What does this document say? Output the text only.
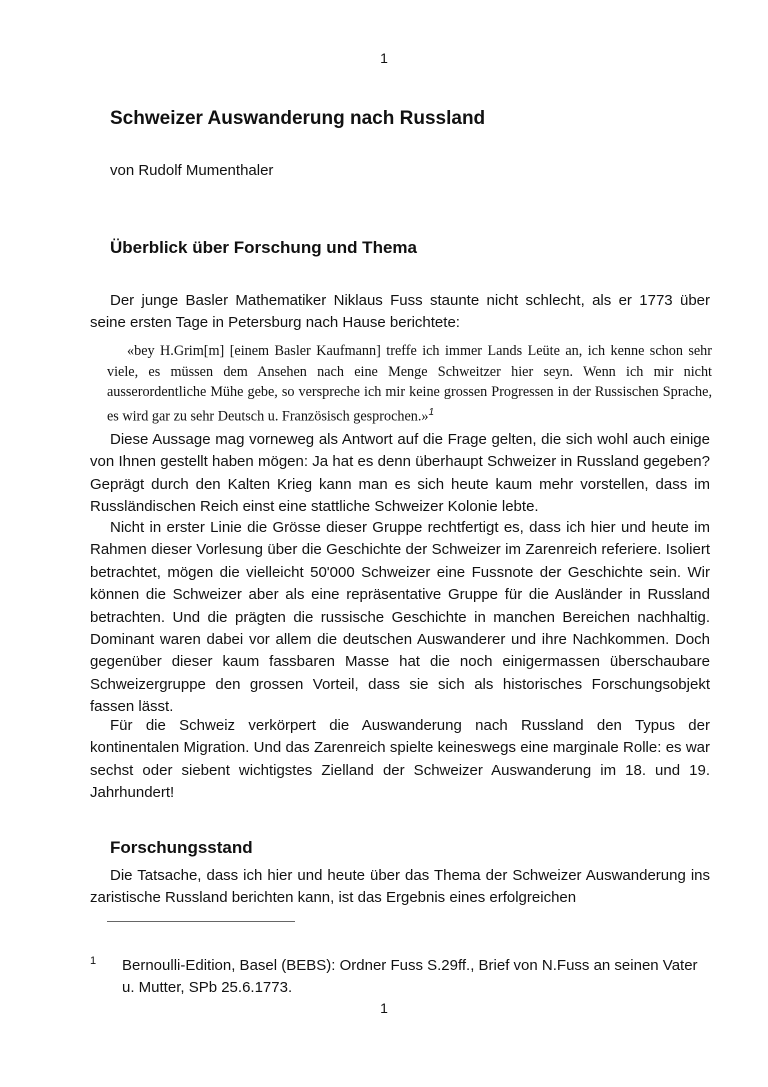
1
Schweizer Auswanderung nach Russland
von Rudolf Mumenthaler
Überblick über Forschung und Thema

Der junge Basler Mathematiker Niklaus Fuss staunte nicht schlecht, als er 1773 über seine ersten Tage in Petersburg nach Hause berichtete:

«bey H.Grim[m] [einem Basler Kaufmann] treffe ich immer Lands Leüte an, ich kenne schon sehr viele, es müssen dem Ansehen nach eine Menge Schweitzer hier seyn. Wenn ich mir nicht ausserordentliche Mühe gebe, so verspreche ich mir keine grossen Progressen in der Russischen Sprache, es wird gar zu sehr Deutsch u. Französisch gesprochen.»$^1$

Diese Aussage mag vorneweg als Antwort auf die Frage gelten, die sich wohl auch einige von Ihnen gestellt haben mögen: Ja hat es denn überhaupt Schweizer in Russland gegeben? Geprägt durch den Kalten Krieg kann man es sich heute kaum mehr vorstellen, dass im Russländischen Reich einst eine stattliche Schweizer Kolonie lebte.

Nicht in erster Linie die Grösse dieser Gruppe rechtfertigt es, dass ich hier und heute im Rahmen dieser Vorlesung über die Geschichte der Schweizer im Zarenreich referiere. Isoliert betrachtet, mögen die vielleicht 50'000 Schweizer eine Fussnote der Geschichte sein. Wir können die Schweizer aber als eine repräsentative Gruppe für die Ausländer in Russland betrachten. Und die prägten die russische Geschichte in manchen Bereichen nachhaltig. Dominant waren dabei vor allem die deutschen Auswanderer und ihre Nachkommen. Doch gegenüber dieser kaum fassbaren Masse hat die noch einigermassen überschaubare Schweizergruppe den grossen Vorteil, dass sie sich als historisches Forschungsobjekt fassen lässt.

Für die Schweiz verkörpert die Auswanderung nach Russland den Typus der kontinentalen Migration. Und das Zarenreich spielte keineswegs eine marginale Rolle: es war sechst oder siebent wichtigstes Zielland der Schweizer Auswanderung im 18. und 19. Jahrhundert!

Forschungsstand

Die Tatsache, dass ich hier und heute über das Thema der Schweizer Auswanderung ins zaristische Russland berichten kann, ist das Ergebnis eines erfolgreichen

1 Bernoulli-Edition, Basel (BEBS): Ordner Fuss S.29ff., Brief von N.Fuss an seinen Vater u. Mutter, SPb 25.6.1773.

1
